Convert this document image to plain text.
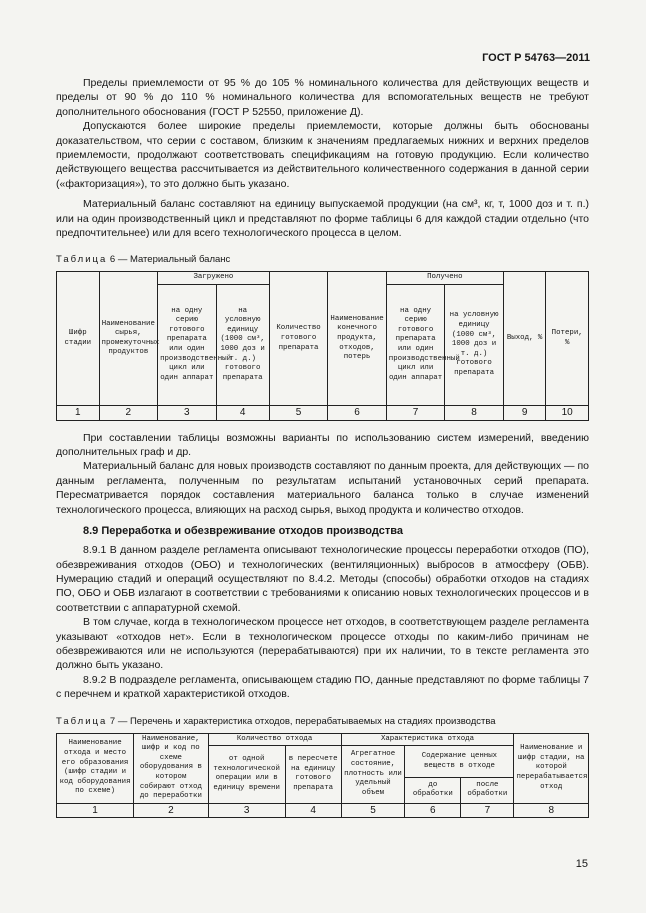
ГОСТ Р 54763—2011

Пределы приемлемости от 95 % до 105 % номинального количества для действующих веществ и пределы от 90 % до 110 % номинального количества для вспомогательных веществ не требуют дополнительного обоснования (ГОСТ Р 52550, приложение Д).

Допускаются более широкие пределы приемлемости, которые должны быть обоснованы доказательством, что серии с составом, близким к значениям предлагаемых нижних и верхних пределов приемлемости, продолжают соответствовать спецификациям на готовую продукцию. Если количество действующего вещества рассчитывается из действительного количественного содержания в данной серии («факторизация»), то это должно быть указано.

Материальный баланс составляют на единицу выпускаемой продукции (на см³, кг, т, 1000 доз и т. п.) или на один производственный цикл и представляют по форме таблицы 6 для каждой стадии отдельно (что предпочтительнее) или для всего технологического процесса в целом.

Таблица 6 — Материальный баланс
Шифр стадии	Наименование сырья, промежуточных продуктов	Загружено		Количество готового препарата	Наименование конечного продукта, отходов, потерь	Получено		Выход, %	Потери, %
		на одну серию готового препарата или один производственный цикл или один аппарат	на условную единицу (1000 см³, 1000 доз и т. д.) готового препарата			на одну серию готового препарата или один производственный цикл или один аппарат	на условную единицу (1000 см³, 1000 доз и т. д.) готового препарата		
1	2	3	4	5	6	7	8	9	10

При составлении таблицы возможны варианты по использованию систем измерений, введению дополнительных граф и др.

Материальный баланс для новых производств составляют по данным проекта, для действующих — по данным регламента, полученным по результатам испытаний установочных серий препарата. Пересматривается порядок составления материального баланса только в случае изменений технологического процесса, влияющих на расход сырья, выход продукта и количество отходов.

8.9 Переработка и обезвреживание отходов производства

8.9.1 В данном разделе регламента описывают технологические процессы переработки отходов (ПО), обезвреживания отходов (ОБО) и технологических (вентиляционных) выбросов в атмосферу (ОБВ). Нумерацию стадий и операций осуществляют по 8.4.2. Методы (способы) обработки отходов на стадиях ПО, ОБО и ОБВ излагают в соответствии с требованиями к описанию новых технологических процессов и в соответствии с аппаратурной схемой.

В том случае, когда в технологическом процессе нет отходов, в соответствующем разделе регламента указывают «отходов нет». Если в технологическом процессе отходы по каким-либо причинам не обезвреживаются или не используются (перерабатываются) при их наличии, то в тексте регламента это должно быть указано.

8.9.2 В подразделе регламента, описывающем стадию ПО, данные представляют по форме таблицы 7 с перечнем и краткой характеристикой отходов.

Таблица 7 — Перечень и характеристика отходов, перерабатываемых на стадиях производства
Наименование отхода и место его образования (шифр стадии и код оборудования по схеме)	Наименование, шифр и код по схеме оборудования в котором собирают отход до переработки	Количество отхода		Характеристика отхода			Наименование и шифр стадии, на которой перерабатывается отход
		от одной технологической операции или в единицу времени	в пересчете на единицу готового препарата	Агрегатное состояние, плотность или удельный объем	Содержание ценных веществ в отходе		
					до обработки	после обработки	
1	2	3	4	5	6	7	8
15
